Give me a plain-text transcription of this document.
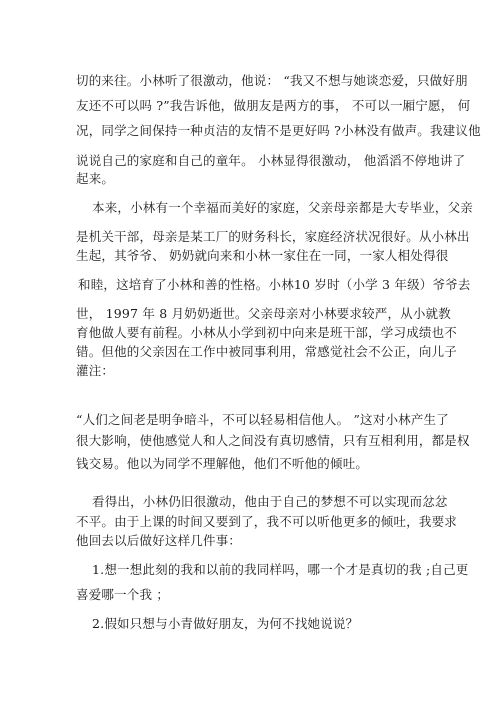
切的来往。小林听了很激动，他说： “我又不想与她谈恋爱，只做好朋
友还不可以吗 ?”我告诉他，做朋友是两方的事， 不可以一厢宁愿， 何
况，同学之间保持一种贞洁的友情不是更好吗 ?小林没有做声。我建议他
说说自己的家庭和自己的童年。 小林显得很激动， 他滔滔不停地讲了
起来。
本来，小林有一个幸福而美好的家庭，父亲母亲都是大专毕业，父亲
是机关干部，母亲是某工厂的财务科长，家庭经济状况很好。从小林出
生起，其爷爷、 奶奶就向来和小林一家住在一同，一家人相处得很
和睦，这培育了小林和善的性格。小林10 岁时（小学 3 年级）爷爷去
世， 1997 年 8 月奶奶逝世。父亲母亲对小林要求较严，从小就教
育他做人要有前程。小林从小学到初中向来是班干部，学习成绩也不
错。但他的父亲因在工作中被同事利用，常感觉社会不公正，向儿子
灌注：
“人们之间老是明争暗斗，不可以轻易相信他人。 ”这对小林产生了
很大影响，使他感觉人和人之间没有真切感情，只有互相利用，都是权
钱交易。他以为同学不理解他，他们不听他的倾吐。
看得出，小林仍旧很激动，他由于自己的梦想不可以实现而忿忿
不平。由于上课的时间又要到了，我不可以听他更多的倾吐，我要求
他回去以后做好这样几件事：
1.想一想此刻的我和以前的我同样吗，哪一个才是真切的我 ;自己更
喜爱哪一个我 ；
2.假如只想与小青做好朋友，为何不找她说说？
